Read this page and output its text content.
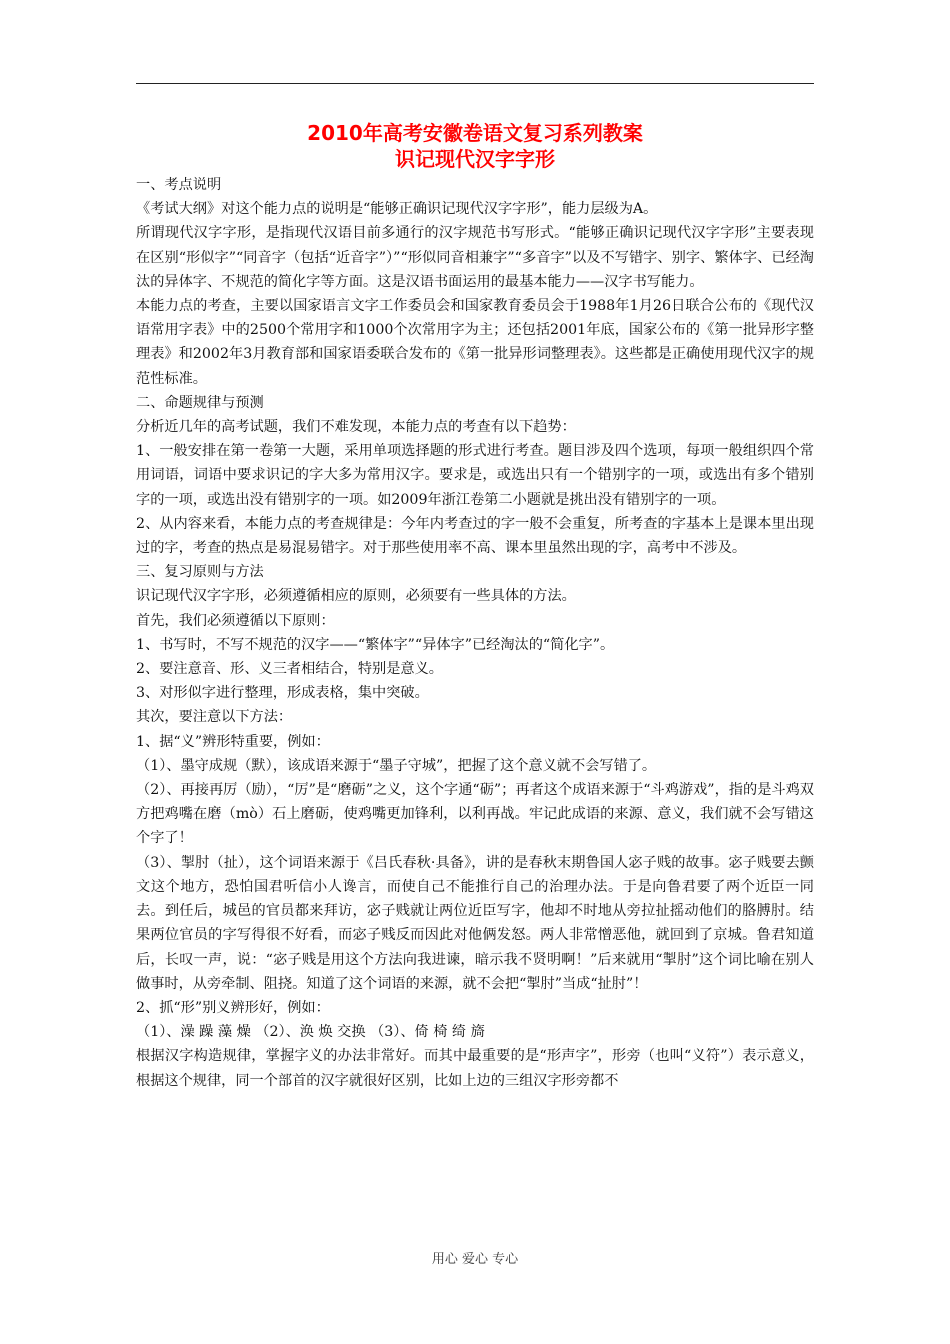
2010年高考安徽卷语文复习系列教案
识记现代汉字字形

一、考点说明

《考试大纲》对这个能力点的说明是“能够正确识记现代汉字字形”，能力层级为A。

所谓现代汉字字形，是指现代汉语目前多通行的汉字规范书写形式。“能够正确识记现代汉字字形”主要表现在区别“形似字”“同音字（包括“近音字”）”“形似同音相兼字”“多音字”以及不写错字、别字、繁体字、已经淘汰的异体字、不规范的简化字等方面。这是汉语书面运用的最基本能力——汉字书写能力。

本能力点的考查，主要以国家语言文字工作委员会和国家教育委员会于1988年1月26日联合公布的《现代汉语常用字表》中的2500个常用字和1000个次常用字为主；还包括2001年底，国家公布的《第一批异形字整理表》和2002年3月教育部和国家语委联合发布的《第一批异形词整理表》。这些都是正确使用现代汉字的规范性标准。

二、命题规律与预测

分析近几年的高考试题，我们不难发现，本能力点的考查有以下趋势：

1、一般安排在第一卷第一大题，采用单项选择题的形式进行考查。题目涉及四个选项，每项一般组织四个常用词语，词语中要求识记的字大多为常用汉字。要求是，或选出只有一个错别字的一项，或选出有多个错别字的一项，或选出没有错别字的一项。如2009年浙江卷第二小题就是挑出没有错别字的一项。

2、从内容来看，本能力点的考查规律是：今年内考查过的字一般不会重复，所考查的字基本上是课本里出现过的字，考查的热点是易混易错字。对于那些使用率不高、课本里虽然出现的字，高考中不涉及。

三、复习原则与方法

识记现代汉字字形，必须遵循相应的原则，必须要有一些具体的方法。

首先，我们必须遵循以下原则：

1、书写时，不写不规范的汉字——“繁体字”“异体字”已经淘汰的“简化字”。

2、要注意音、形、义三者相结合，特别是意义。

3、对形似字进行整理，形成表格，集中突破。

其次，要注意以下方法：

1、据“义”辨形特重要，例如：

（1）、墨守成规（默），该成语来源于“墨子守城”，把握了这个意义就不会写错了。

（2）、再接再厉（励），“厉”是“磨砺”之义，这个字通“砺”；再者这个成语来源于“斗鸡游戏”，指的是斗鸡双方把鸡嘴在磨（mò）石上磨砺，使鸡嘴更加锋利，以利再战。牢记此成语的来源、意义，我们就不会写错这个字了！

（3）、掣肘（扯），这个词语来源于《吕氏春秋·具备》，讲的是春秋末期鲁国人宓子贱的故事。宓子贱要去颤文这个地方，恐怕国君听信小人谗言，而使自己不能推行自己的治理办法。于是向鲁君要了两个近臣一同去。到任后，城邑的官员都来拜访，宓子贱就让两位近臣写字，他却不时地从旁拉扯摇动他们的胳膊肘。结果两位官员的字写得很不好看，而宓子贱反而因此对他俩发怒。两人非常憎恶他，就回到了京城。鲁君知道后，长叹一声，说：“宓子贱是用这个方法向我进谏，暗示我不贤明啊！”后来就用“掣肘”这个词比喻在别人做事时，从旁牵制、阻挠。知道了这个词语的来源，就不会把“掣肘”当成“扯肘”！

2、抓“形”别义辨形好，例如：

（1）、澡 躁 藻 燥 （2）、涣 焕 交换 （3）、倚 椅 绮 旖

根据汉字构造规律，掌握字义的办法非常好。而其中最重要的是“形声字”，形旁（也叫“义符”）表示意义，根据这个规律，同一个部首的汉字就很好区别，比如上边的三组汉字形旁都不

用心 爱心 专心
